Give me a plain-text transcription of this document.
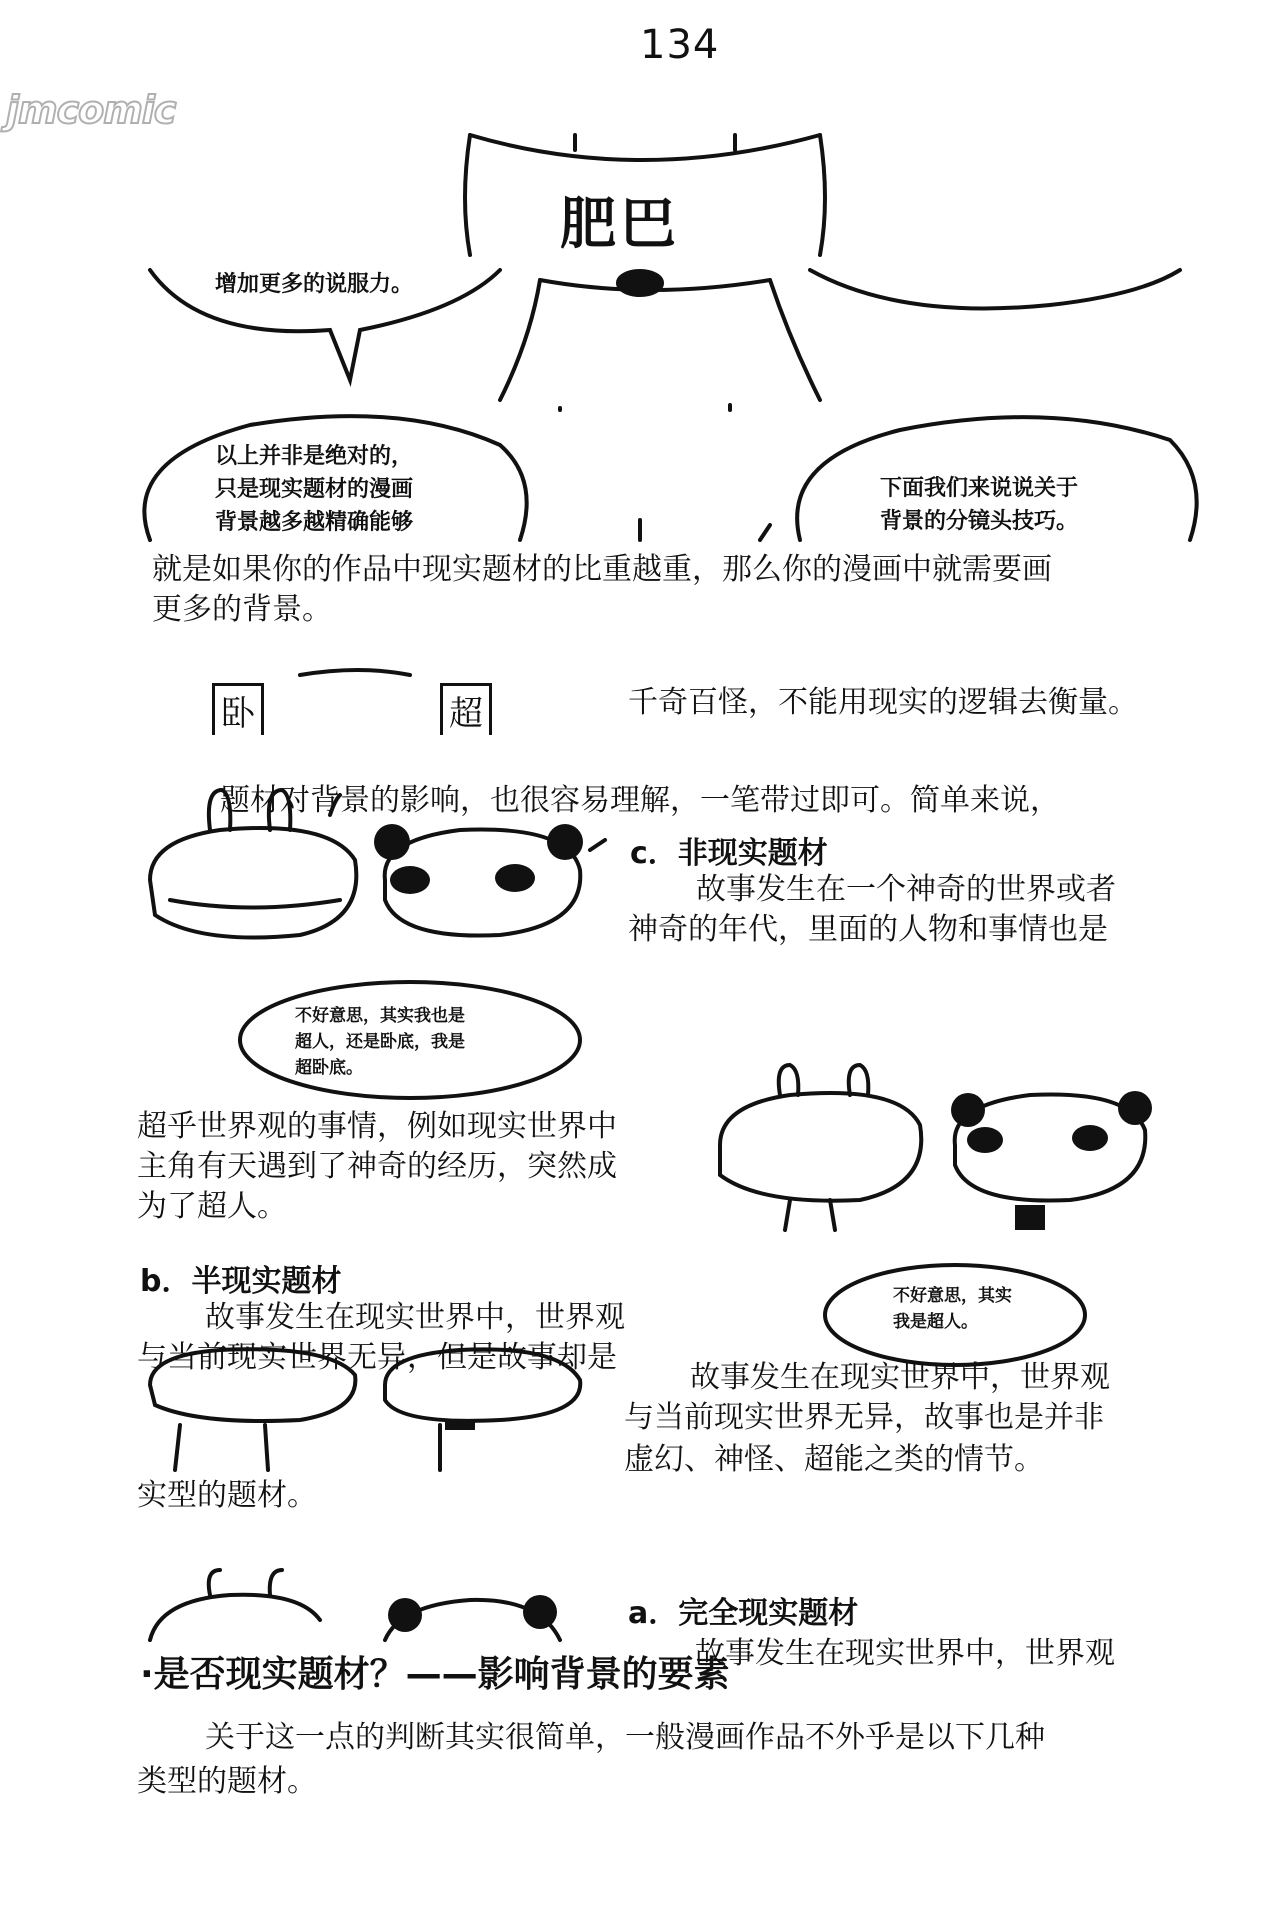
134
jmcomic
肥巴
增加更多的说服力。
以上并非是绝对的，
只是现实题材的漫画
背景越多越精确能够
下面我们来说说关于
背景的分镜头技巧。
就是如果你的作品中现实题材的比重越重，那么你的漫画中就需要画
更多的背景。
卧	超	千奇百怪，不能用现实的逻辑去衡量。
题材对背景的影响，也很容易理解，一笔带过即可。简单来说，
c．非现实题材
故事发生在一个神奇的世界或者
神奇的年代，里面的人物和事情也是
不好意思，其实我也是
超人，还是卧底，我是
超卧底。
超乎世界观的事情，例如现实世界中
主角有天遇到了神奇的经历，突然成
为了超人。
b．半现实题材
故事发生在现实世界中，世界观
与当前现实世界无异，但是故事却是
不好意思，其实
我是超人。
故事发生在现实世界中，世界观
与当前现实世界无异，故事也是并非
虚幻、神怪、超能之类的情节。
实型的题材。
a．完全现实题材
故事发生在现实世界中，世界观
·是否现实题材？——影响背景的要素
关于这一点的判断其实很简单，一般漫画作品不外乎是以下几种
类型的题材。
